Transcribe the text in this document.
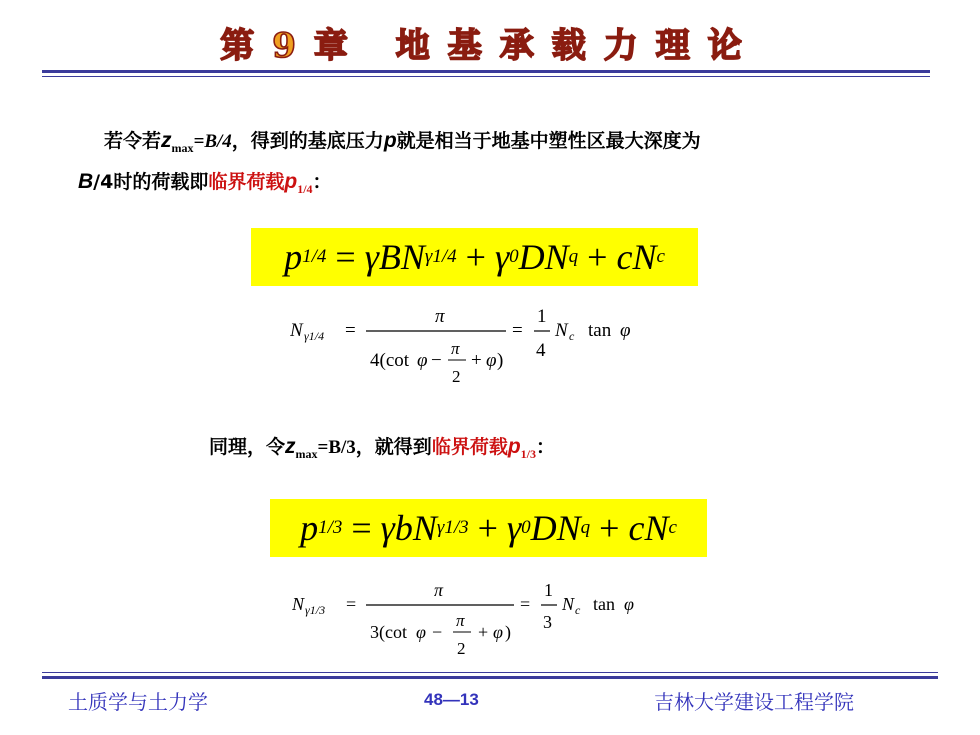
第9章 地基承载力理论
若令若$z_{max}=B/4$，得到的基底压力p就是相当于地基中塑性区最大深度为
B/4时的荷载即临界荷载$p_{1/4}$：
p 1/4 = γBN γ1/4 + γ 0 DN q + cN c
N γ1/4 =
π
4(cot φ −
π
2
+ φ )
=
1
4
N c tan φ
同理，令$z_{max}=B/3$，就得到临界荷载$p_{1/3}$：
p 1/3 = γbN γ1/3 + γ 0 DN q + cN c
N γ1/3 =
π
3(cot φ −
π
2
+ φ )
=
1
3
N c tan φ
土质学与土力学	48—13	吉林大学建设工程学院
